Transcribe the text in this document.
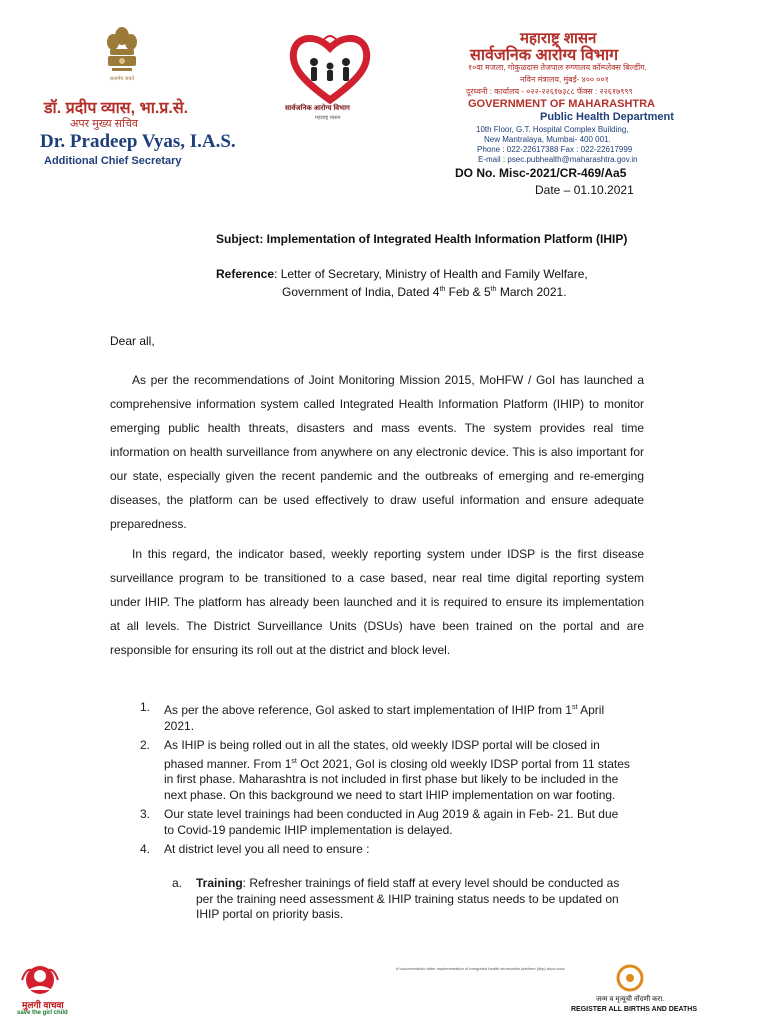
सत्यमेव जयते
डॉ. प्रदीप व्यास, भा.प्र.से.
अपर मुख्य सचिव
Dr. Pradeep Vyas, I.A.S.
Additional Chief Secretary
सार्वजनिक आरोग्य विभाग
महाराष्ट्र शासन
महाराष्ट्र शासन
सार्वजनिक आरोग्य विभाग
१०वा मजला, गोकुळदास तेजपाल रुग्णालय कॉम्प्लेक्स बिल्डींग,
नविन मंत्रालय, मुंबई- ४०० ००१
दूरध्वनी : कार्यालय - ०२२-२२६१७३८८ फॅक्स : २२६१७९९९
GOVERNMENT OF MAHARASHTRA
Public Health Department
10th Floor, G.T. Hospital Complex Building,
New Mantralaya, Mumbai- 400 001.
Phone : 022-22617388 Fax : 022-22617999
E-mail : psec.pubhealth@maharashtra.gov.in
DO No. Misc-2021/CR-469/Aa5
Date – 01.10.2021
Subject: Implementation of Integrated Health Information Platform (IHIP)
Reference: Letter of Secretary, Ministry of Health and Family Welfare,
Government of India, Dated 4th Feb & 5th March 2021.
Dear all,
As per the recommendations of Joint Monitoring Mission 2015, MoHFW / GoI has launched a comprehensive information system called Integrated Health Information Platform (IHIP) to monitor emerging public health threats, disasters and mass events. The system provides real time information on health surveillance from anywhere on any electronic device. This is also important for our state, especially given the recent pandemic and the outbreaks of emerging and re-emerging diseases, the platform can be used effectively to draw useful information and ensure adequate preparedness.
In this regard, the indicator based, weekly reporting system under IDSP is the first disease surveillance program to be transitioned to a case based, near real time digital reporting system under IHIP. The platform has already been launched and it is required to ensure its implementation at all levels. The District Surveillance Units (DSUs) have been trained on the portal and are responsible for ensuring its roll out at the district and block level.
1. As per the above reference, GoI asked to start implementation of IHIP from 1st April 2021.
2. As IHIP is being rolled out in all the states, old weekly IDSP portal will be closed in phased manner. From 1st Oct 2021, GoI is closing old weekly IDSP portal from 11 states in first phase. Maharashtra is not included in first phase but likely to be included in the next phase. On this background we need to start IHIP implementation on war footing.
3. Our state level trainings had been conducted in Aug 2019 & again in Feb- 21. But due to Covid-19 pandemic IHIP implementation is delayed.
4. At district level you all need to ensure :
a. Training: Refresher trainings of field staff at every level should be conducted as per the training need assessment & IHIP training status needs to be updated on IHIP portal on priority basis.
d:\documents\do letter implementation of integrated health information platform (ihip) docx.docx
जन्म व मृत्यूची नोंदणी करा.
REGISTER ALL BIRTHS AND DEATHS
मुलगी वाचवा
save the girl child
